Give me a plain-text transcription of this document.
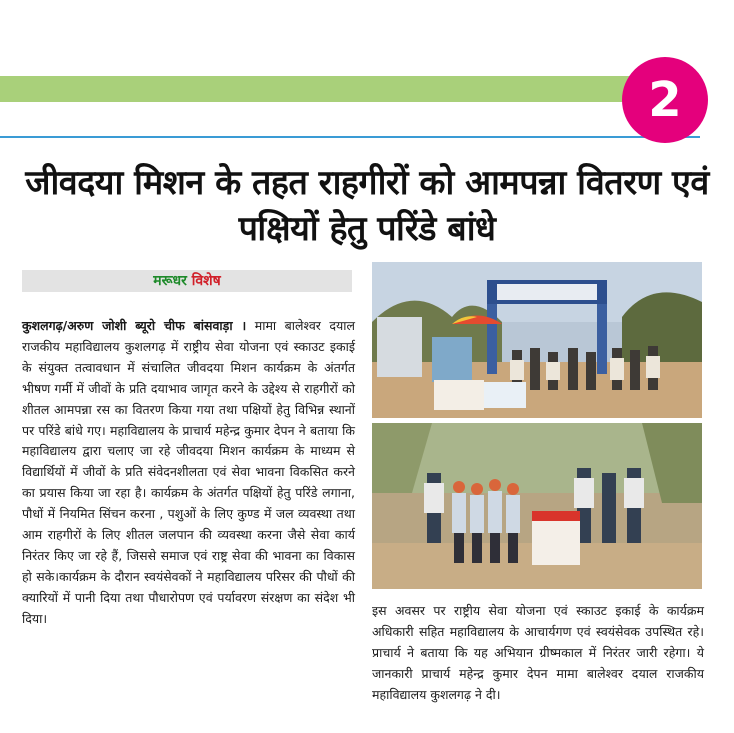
2
जीवदया मिशन के तहत राहगीरों को आमपन्ना वितरण एवं पक्षियों हेतु परिंडे बांधे
मरूधर विशेष
कुशलगढ़/अरुण जोशी ब्यूरो चीफ बांसवाड़ा । मामा बालेश्वर दयाल राजकीय महाविद्यालय कुशलगढ़ में राष्ट्रीय सेवा योजना एवं स्काउट इकाई के संयुक्त तत्वावधान में संचालित जीवदया मिशन कार्यक्रम के अंतर्गत भीषण गर्मी में जीवों के प्रति दयाभाव जागृत करने के उद्देश्य से राहगीरों को शीतल आमपन्ना रस का वितरण किया गया तथा पक्षियों हेतु विभिन्न स्थानों पर परिंडे बांधे गए। महाविद्यालय के प्राचार्य महेन्द्र कुमार देपन ने बताया कि महाविद्यालय द्वारा चलाए जा रहे जीवदया मिशन कार्यक्रम के माध्यम से विद्यार्थियों में जीवों के प्रति संवेदनशीलता एवं सेवा भावना विकसित करने का प्रयास किया जा रहा है। कार्यक्रम के अंतर्गत पक्षियों हेतु परिंडे लगाना, पौधों में नियमित सिंचन करना , पशुओं के लिए कुण्ड में जल व्यवस्था तथा आम राहगीरों के लिए शीतल जलपान की व्यवस्था करना जैसे सेवा कार्य निरंतर किए जा रहे हैं, जिससे समाज एवं राष्ट्र सेवा की भावना का विकास हो सके।कार्यक्रम के दौरान स्वयंसेवकों ने महाविद्यालय परिसर की पौधों की क्यारियों में पानी दिया तथा पौधारोपण एवं पर्यावरण संरक्षण का संदेश भी दिया।
इस अवसर पर राष्ट्रीय सेवा योजना एवं स्काउट इकाई के कार्यक्रम अधिकारी सहित महाविद्यालय के आचार्यगण एवं स्वयंसेवक उपस्थित रहे। प्राचार्य ने बताया कि यह अभियान ग्रीष्मकाल में निरंतर जारी रहेगा। ये जानकारी प्राचार्य महेन्द्र कुमार देपन मामा बालेश्वर दयाल राजकीय महाविद्यालय कुशलगढ़ ने दी।
